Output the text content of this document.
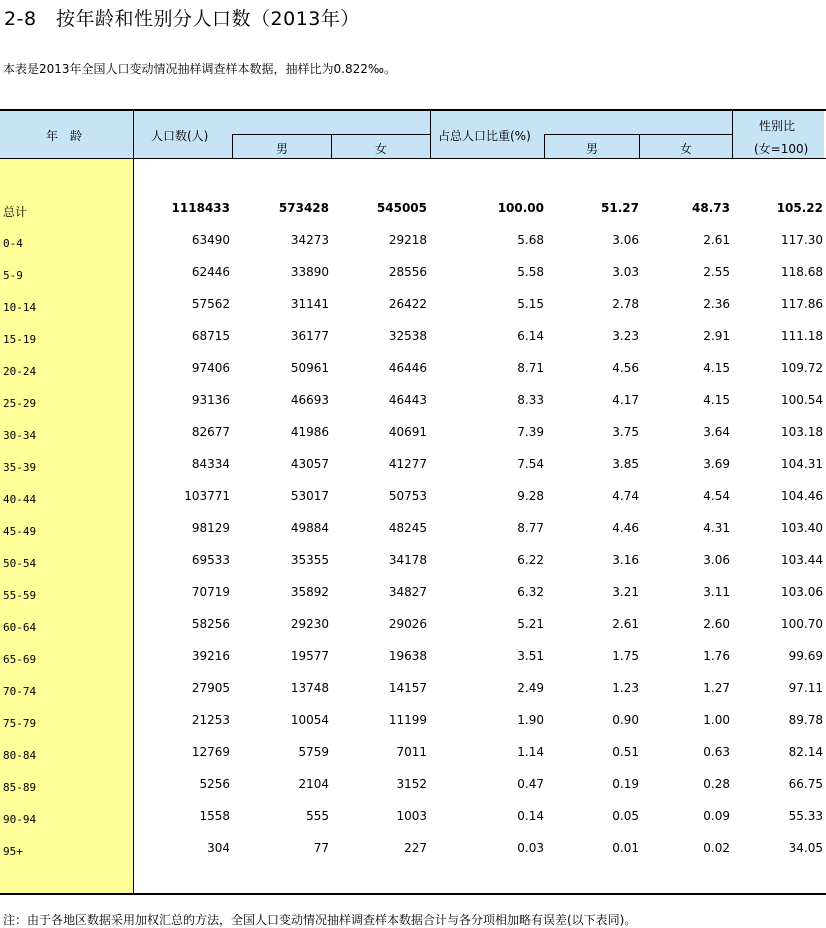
2-8　按年龄和性别分人口数（2013年）
本表是2013年全国人口变动情况抽样调查样本数据，抽样比为0.822‰。
年　龄	人口数(人)
男	女
占总人口比重(%)
男	女
性别比
(女=100)
总计	1118433	573428	545005	100.00	51.27	48.73	105.22
0-4	63490	34273	29218	5.68	3.06	2.61	117.30
5-9	62446	33890	28556	5.58	3.03	2.55	118.68
10-14	57562	31141	26422	5.15	2.78	2.36	117.86
15-19	68715	36177	32538	6.14	3.23	2.91	111.18
20-24	97406	50961	46446	8.71	4.56	4.15	109.72
25-29	93136	46693	46443	8.33	4.17	4.15	100.54
30-34	82677	41986	40691	7.39	3.75	3.64	103.18
35-39	84334	43057	41277	7.54	3.85	3.69	104.31
40-44	103771	53017	50753	9.28	4.74	4.54	104.46
45-49	98129	49884	48245	8.77	4.46	4.31	103.40
50-54	69533	35355	34178	6.22	3.16	3.06	103.44
55-59	70719	35892	34827	6.32	3.21	3.11	103.06
60-64	58256	29230	29026	5.21	2.61	2.60	100.70
65-69	39216	19577	19638	3.51	1.75	1.76	99.69
70-74	27905	13748	14157	2.49	1.23	1.27	97.11
75-79	21253	10054	11199	1.90	0.90	1.00	89.78
80-84	12769	5759	7011	1.14	0.51	0.63	82.14
85-89	5256	2104	3152	0.47	0.19	0.28	66.75
90-94	1558	555	1003	0.14	0.05	0.09	55.33
95+	304	77	227	0.03	0.01	0.02	34.05
注：由于各地区数据采用加权汇总的方法，全国人口变动情况抽样调查样本数据合计与各分项相加略有误差(以下表同)。
